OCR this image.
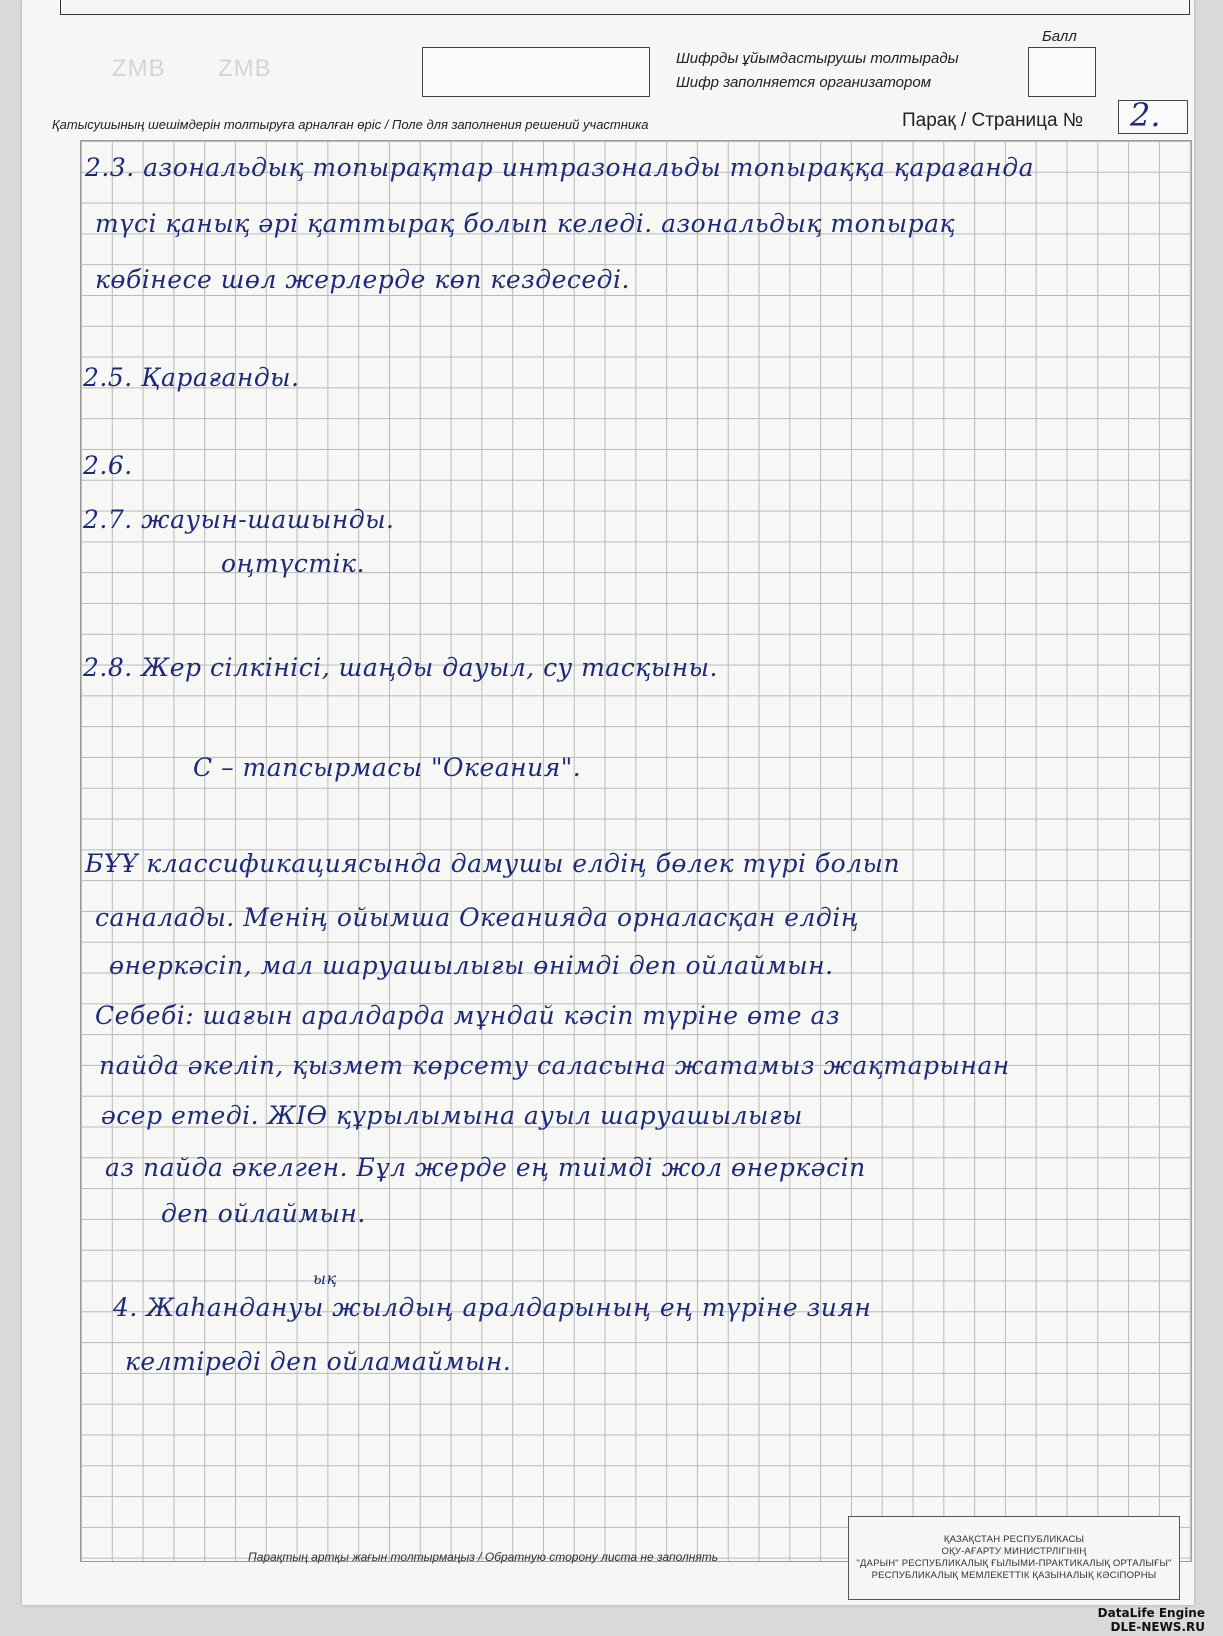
ZMB ZMB	Шифрды ұйымдастырушы толтырады
Шифр заполняется организатором
Балл
Қатысушының шешімдерін толтыруға арналған өріс / Поле для заполнения решений участника	Парақ / Страница № 2.
2.3. азональдық топырақтар интразональды топыраққа қарағанда
түсі қанық әрі қаттырақ болып келеді. азональдық топырақ
көбінесе шөл жерлерде көп кездеседі.
2.5. Қарағанды.
2.6.
2.7. жауын-шашынды.
оңтүстік.
2.8. Жер сілкінісі, шаңды дауыл, су тасқыны.
С – тапсырмасы "Океания".
БҰҰ классификациясында дамушы елдің бөлек түрі болып
саналады. Менің ойымша Океанияда орналасқан елдің
өнеркәсіп, мал шаруашылығы өнімді деп ойлаймын.
Себебі: шағын аралдарда мұндай кәсіп түріне өте аз
пайда әкеліп, қызмет көрсету саласына жатамыз жақтарынан
әсер етеді. ЖІӨ құрылымына ауыл шаруашылығы
аз пайда әкелген. Бұл жерде ең тиімді жол өнеркәсіп
деп ойлаймын.
ық
4. Жаһандануы жылдың аралдарының ең түріне зиян
келтіреді деп ойламаймын.
Парақтың артқы жағын толтырмаңыз / Обратную сторону листа не заполнять
ҚАЗАҚСТАН РЕСПУБЛИКАСЫ
ОҚУ-АҒАРТУ МИНИСТРЛІГІНІҢ
"ДАРЫН" РЕСПУБЛИКАЛЫҚ ҒЫЛЫМИ-ПРАКТИКАЛЫҚ ОРТАЛЫҒЫ"
РЕСПУБЛИКАЛЫҚ МЕМЛЕКЕТТІК ҚАЗЫНАЛЫҚ КӘСІПОРНЫ
DataLife Engine
DLE-NEWS.RU
